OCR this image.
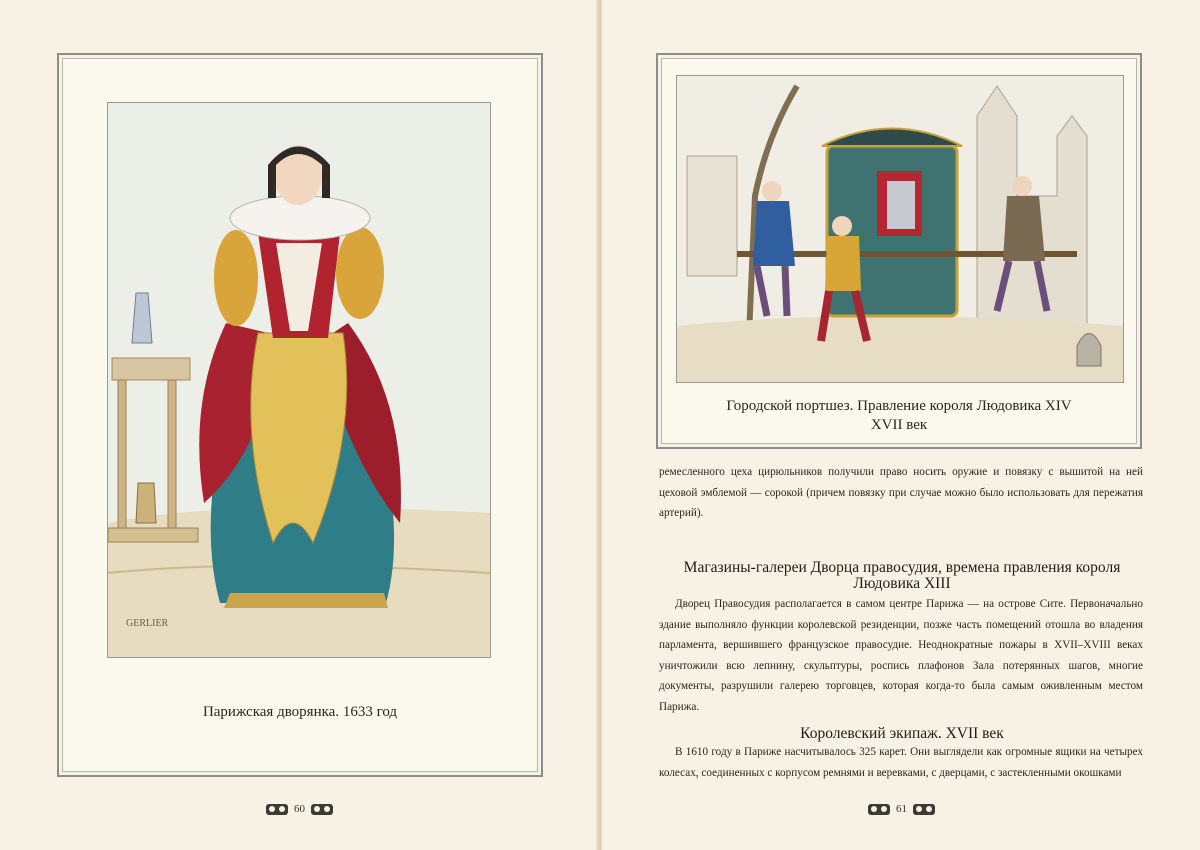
GERLIER
Парижская дворянка. 1633 год
60
Городской портшез. Правление короля Людовика XIV
XVII век

ремесленного цеха цирюльников получили право носить оружие и повязку с вышитой на ней цеховой эмблемой — сорокой (причем повязку при случае можно было использовать для пережатия артерий).

Магазины-галереи Дворца правосудия, времена правления короля Людовика XIII

Дворец Правосудия располагается в самом центре Парижа — на острове Сите. Первоначально здание выполняло функции королевской резиденции, позже часть помещений отошла во владения парламента, вершившего французское правосудие. Неоднократные пожары в XVII–XVIII веках уничтожили всю лепнину, скульптуры, роспись плафонов Зала потерянных шагов, многие документы, разрушили галерею торговцев, которая когда-то была самым оживленным местом Парижа.

Королевский экипаж. XVII век

В 1610 году в Париже насчитывалось 325 карет. Они выглядели как огромные ящики на четырех колесах, соединенных с корпусом ремнями и веревками, с дверцами, с застекленными окошками

61
